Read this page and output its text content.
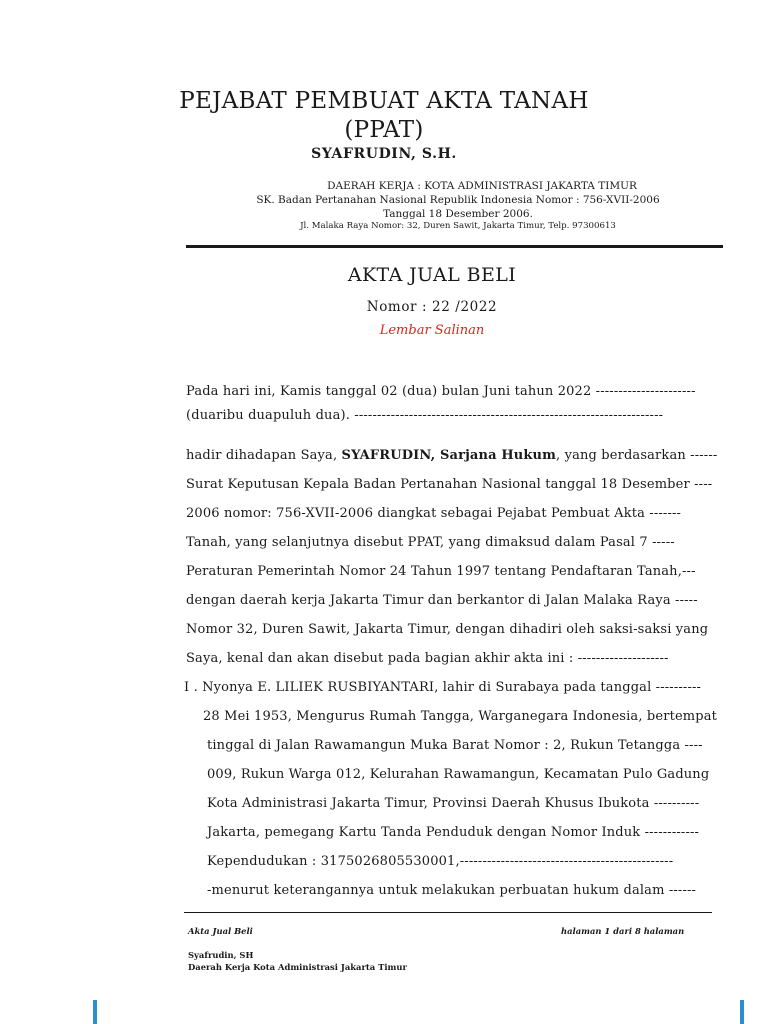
PEJABAT PEMBUAT AKTA TANAH
(PPAT)
SYAFRUDIN, S.H.
DAERAH KERJA : KOTA ADMINISTRASI JAKARTA TIMUR
SK. Badan Pertanahan Nasional Republik Indonesia Nomor : 756-XVII-2006
Tanggal 18 Desember 2006.
Jl. Malaka Raya Nomor: 32, Duren Sawit, Jakarta Timur, Telp. 97300613
AKTA JUAL BELI
Nomor : 22 /2022
Lembar Salinan
Pada hari ini, Kamis tanggal 02 (dua) bulan Juni tahun 2022 ----------------------
(duaribu duapuluh dua). --------------------------------------------------------------------
hadir dihadapan Saya, SYAFRUDIN, Sarjana Hukum, yang berdasarkan ------
Surat Keputusan Kepala Badan Pertanahan Nasional tanggal 18 Desember ----
2006 nomor: 756-XVII-2006 diangkat sebagai Pejabat Pembuat Akta -------
Tanah, yang selanjutnya disebut PPAT, yang dimaksud dalam Pasal 7 -----
Peraturan Pemerintah Nomor 24 Tahun 1997 tentang Pendaftaran Tanah,---
dengan daerah kerja Jakarta Timur dan berkantor di Jalan Malaka Raya -----
Nomor 32, Duren Sawit, Jakarta Timur, dengan dihadiri oleh saksi-saksi yang
Saya, kenal dan akan disebut pada bagian akhir akta ini : --------------------
I . Nyonya E. LILIEK RUSBIYANTARI, lahir di Surabaya pada tanggal ----------
28 Mei 1953, Mengurus Rumah Tangga, Warganegara Indonesia, bertempat
tinggal di Jalan Rawamangun Muka Barat Nomor : 2, Rukun Tetangga ----
009, Rukun Warga 012, Kelurahan Rawamangun, Kecamatan Pulo Gadung
Kota Administrasi Jakarta Timur, Provinsi Daerah Khusus Ibukota ----------
Jakarta, pemegang Kartu Tanda Penduduk dengan Nomor Induk ------------
Kependudukan : 3175026805530001,-----------------------------------------------
-menurut keterangannya untuk melakukan perbuatan hukum dalam ------
Akta Jual Beli	halaman 1 dari 8 halaman
Syafrudin, SH
Daerah Kerja Kota Administrasi Jakarta Timur
